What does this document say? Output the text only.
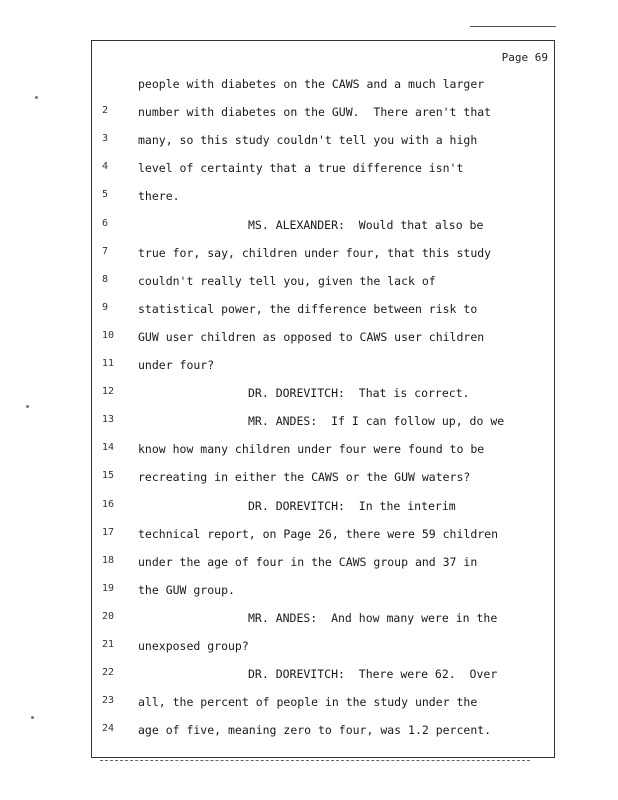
Page 69
people with diabetes on the CAWS and a much larger
2	number with diabetes on the GUW.  There aren't that
3	many, so this study couldn't tell you with a high
4	level of certainty that a true difference isn't
5	there.
6	MS. ALEXANDER:  Would that also be
7	true for, say, children under four, that this study
8	couldn't really tell you, given the lack of
9	statistical power, the difference between risk to
10	GUW user children as opposed to CAWS user children
11	under four?
12	DR. DOREVITCH:  That is correct.
13	MR. ANDES:  If I can follow up, do we
14	know how many children under four were found to be
15	recreating in either the CAWS or the GUW waters?
16	DR. DOREVITCH:  In the interim
17	technical report, on Page 26, there were 59 children
18	under the age of four in the CAWS group and 37 in
19	the GUW group.
20	MR. ANDES:  And how many were in the
21	unexposed group?
22	DR. DOREVITCH:  There were 62.  Over
23	all, the percent of people in the study under the
24	age of five, meaning zero to four, was 1.2 percent.
